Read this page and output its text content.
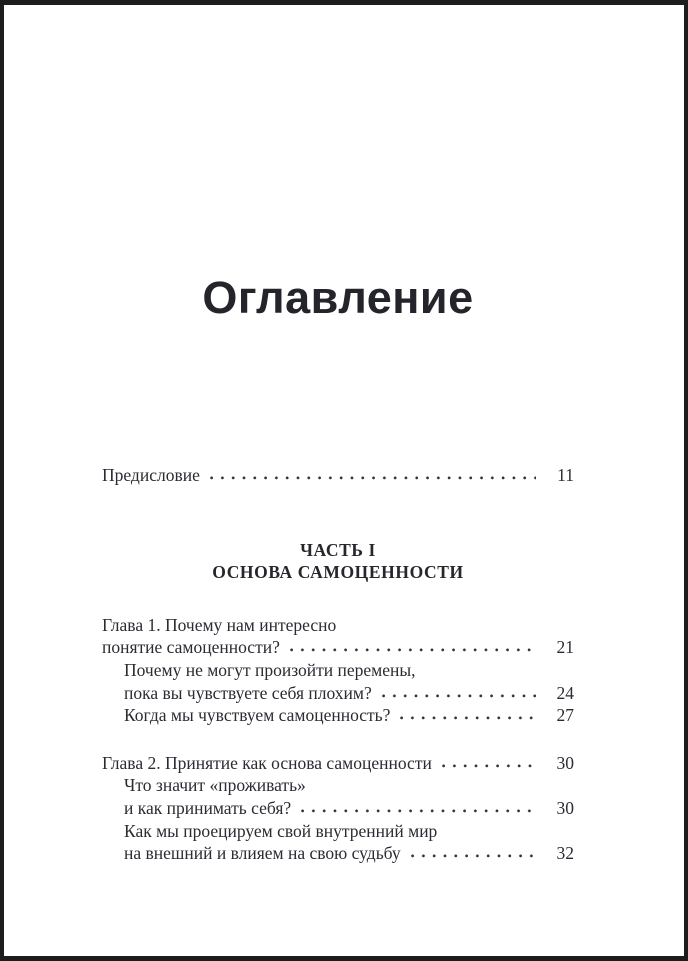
Оглавление
Предисловие	11
ЧАСТЬ I
ОСНОВА САМОЦЕННОСТИ
Глава 1. Почему нам интересно
понятие самоценности?	21
Почему не могут произойти перемены,
пока вы чувствуете себя плохим?	24
Когда мы чувствуем самоценность?	27
Глава 2. Принятие как основа самоценности	30
Что значит «проживать»
и как принимать себя?	30
Как мы проецируем свой внутренний мир
на внешний и влияем на свою судьбу	32
